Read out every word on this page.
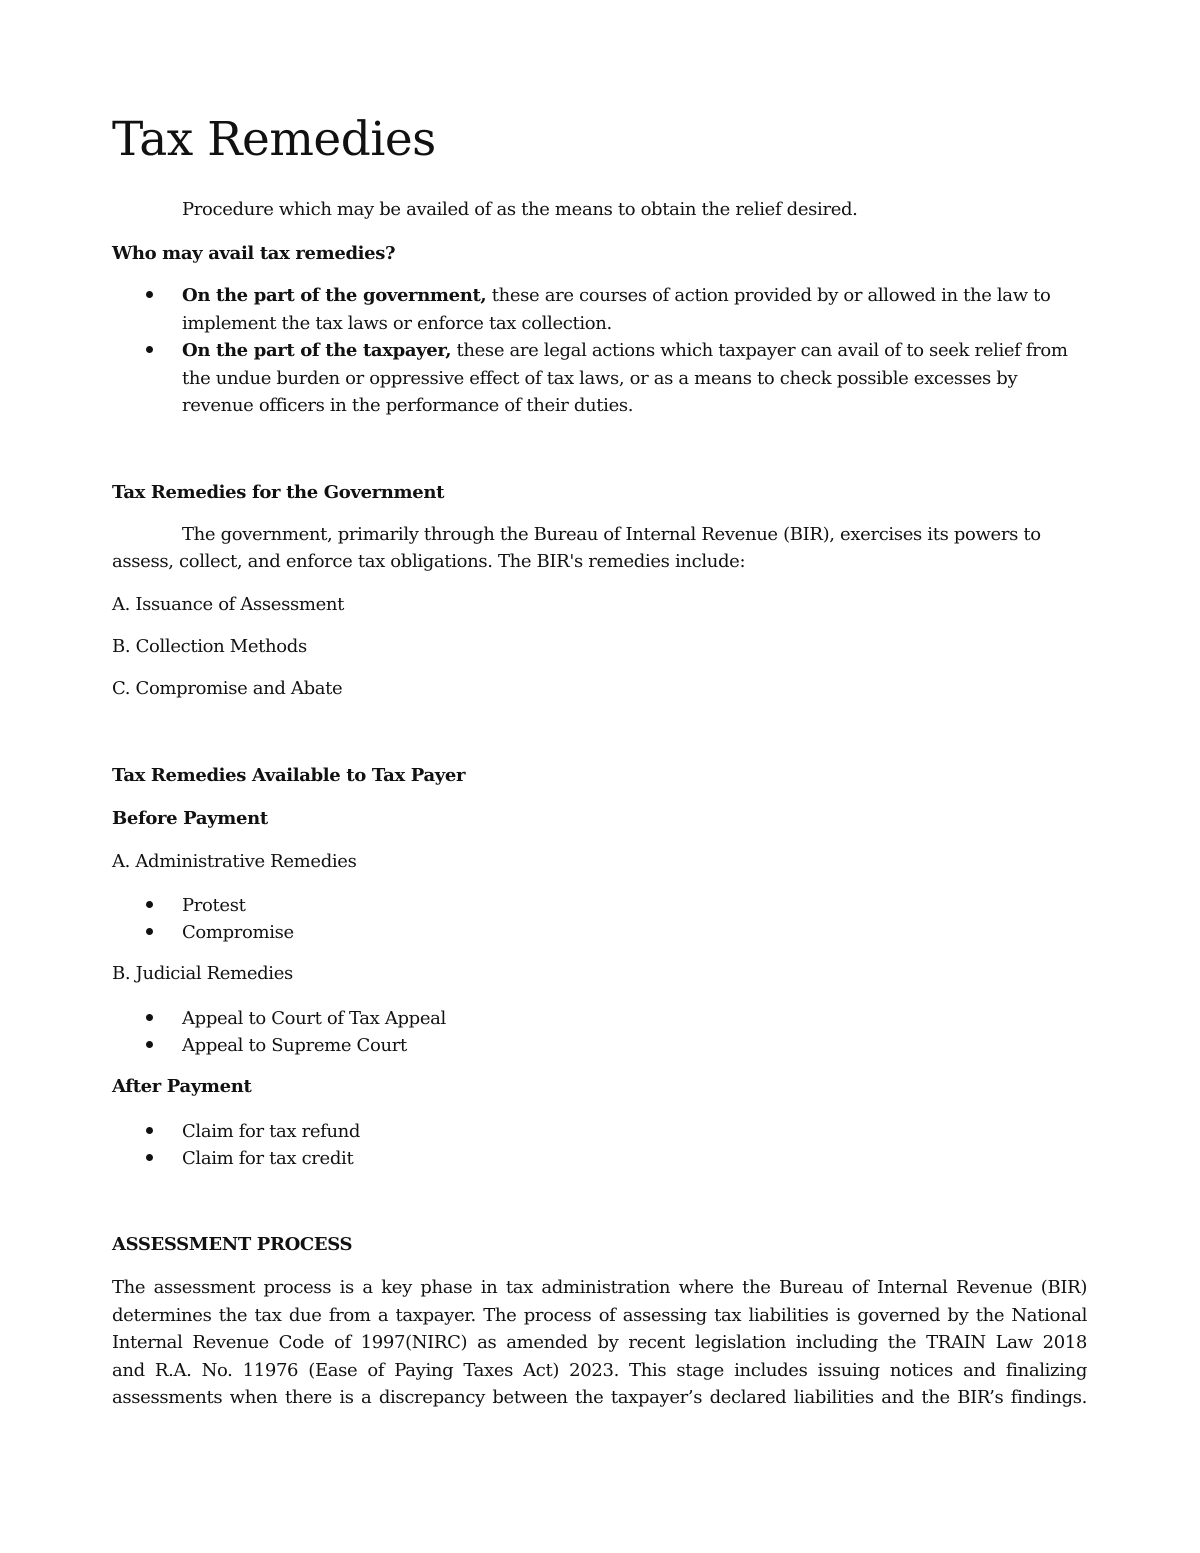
Tax Remedies

Procedure which may be availed of as the means to obtain the relief desired.

Who may avail tax remedies?

On the part of the government, these are courses of action provided by or allowed in the law to
implement the tax laws or enforce tax collection.
On the part of the taxpayer, these are legal actions which taxpayer can avail of to seek relief from
the undue burden or oppressive effect of tax laws, or as a means to check possible excesses by
revenue officers in the performance of their duties.

Tax Remedies for the Government

The government, primarily through the Bureau of Internal Revenue (BIR), exercises its powers to

assess, collect, and enforce tax obligations. The BIR's remedies include:

A. Issuance of Assessment

B. Collection Methods

C. Compromise and Abate

Tax Remedies Available to Tax Payer

Before Payment

A. Administrative Remedies

Protest
Compromise

B. Judicial Remedies

Appeal to Court of Tax Appeal
Appeal to Supreme Court

After Payment

Claim for tax refund
Claim for tax credit

ASSESSMENT PROCESS

The assessment process is a key phase in tax administration where the Bureau of Internal Revenue (BIR)
determines the tax due from a taxpayer. The process of assessing tax liabilities is governed by the National
Internal Revenue Code of 1997(NIRC) as amended by recent legislation including the TRAIN Law 2018
and R.A. No. 11976 (Ease of Paying Taxes Act) 2023. This stage includes issuing notices and finalizing
assessments when there is a discrepancy between the taxpayer’s declared liabilities and the BIR’s findings.
